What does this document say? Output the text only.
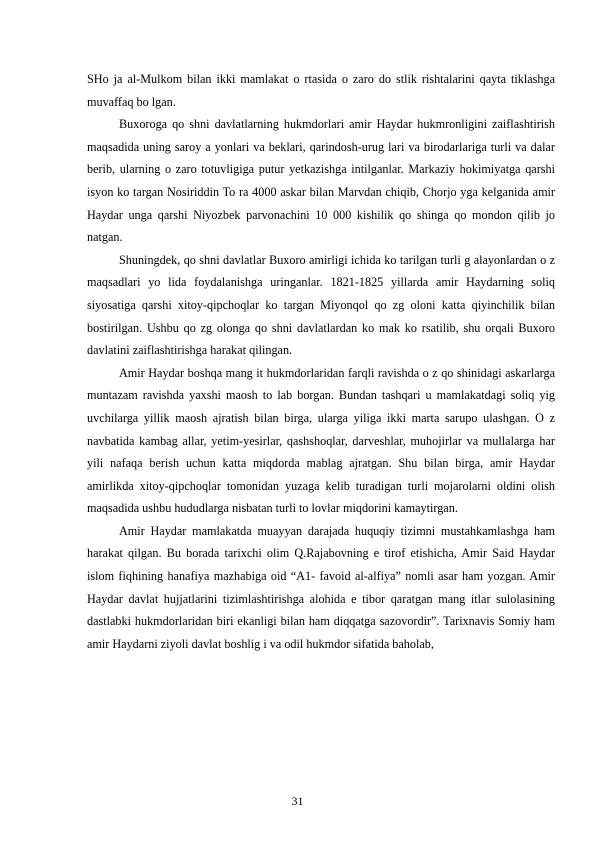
SHo ja al-Mulkom bilan ikki mamlakat o rtasida o zaro do stlik rishtalarini qayta tiklashga muvaffaq bo lgan.

Buxoroga qo shni davlatlarning hukmdorlari amir Haydar hukmronligini zaiflashtirish maqsadida uning saroy a yonlari va beklari, qarindosh-urug lari va birodarlariga turli va dalar berib, ularning o zaro totuvligiga putur yetkazishga intilganlar. Markaziy hokimiyatga qarshi isyon ko targan Nosiriddin To ra 4000 askar bilan Marvdan chiqib, Chorjo yga kelganida amir Haydar unga qarshi Niyozbek parvonachini 10 000 kishilik qo shinga qo mondon qilib jo natgan.

Shuningdek, qo shni davlatlar Buxoro amirligi ichida ko tarilgan turli g alayonlardan o z maqsadlari yo lida foydalanishga uringanlar. 1821-1825 yillarda amir Haydarning soliq siyosatiga qarshi xitoy-qipchoqlar ko targan Miyonqol qo zg oloni katta qiyinchilik bilan bostirilgan. Ushbu qo zg olonga qo shni davlatlardan ko mak ko rsatilib, shu orqali Buxoro davlatini zaiflashtirishga harakat qilingan.

Amir Haydar boshqa mang it hukmdorlaridan farqli ravishda o z qo shinidagi askarlarga muntazam ravishda yaxshi maosh to lab borgan. Bundan tashqari u mamlakatdagi soliq yig uvchilarga yillik maosh ajratish bilan birga, ularga yiliga ikki marta sarupo ulashgan. O z navbatida kambag allar, yetim-yesirlar, qashshoqlar, darveshlar, muhojirlar va mullalarga har yili nafaqa berish uchun katta miqdorda mablag ajratgan. Shu bilan birga, amir Haydar amirlikda xitoy-qipchoqlar tomonidan yuzaga kelib turadigan turli mojarolarni oldini olish maqsadida ushbu hududlarga nisbatan turli to lovlar miqdorini kamaytirgan.

Amir Haydar mamlakatda muayyan darajada huquqiy tizimni mustahkamlashga ham harakat qilgan. Bu borada tarixchi olim Q.Rajabovning e tirof etishicha, Amir Said Haydar islom fiqhining hanafiya mazhabiga oid “A1- favoid al-alfiya” nomli asar ham yozgan. Amir Haydar davlat hujjatlarini tizimlashtirishga alohida e tibor qaratgan mang itlar sulolasining dastlabki hukmdorlaridan biri ekanligi bilan ham diqqatga sazovordir”. Tarixnavis Somiy ham amir Haydarni ziyoli davlat boshlig i va odil hukmdor sifatida baholab,

31
